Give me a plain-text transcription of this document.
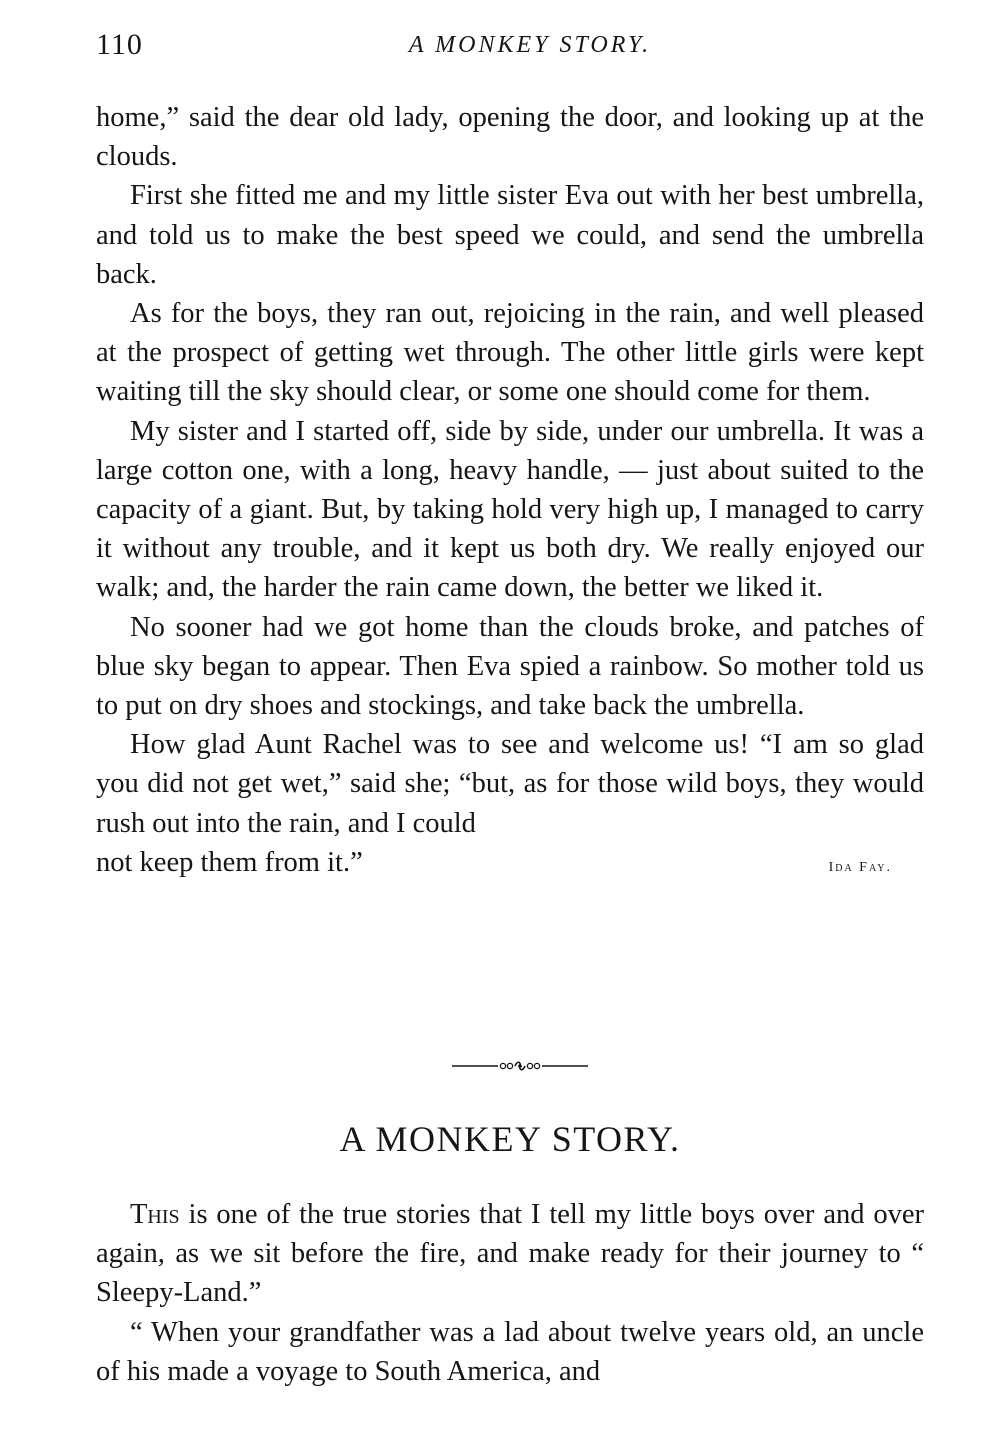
110	A MONKEY STORY.

home,” said the dear old lady, opening the door, and looking up at the clouds.

First she fitted me and my little sister Eva out with her best umbrella, and told us to make the best speed we could, and send the umbrella back.

As for the boys, they ran out, rejoicing in the rain, and well pleased at the prospect of getting wet through. The other little girls were kept waiting till the sky should clear, or some one should come for them.

My sister and I started off, side by side, under our umbrella. It was a large cotton one, with a long, heavy handle, — just about suited to the capacity of a giant. But, by taking hold very high up, I managed to carry it without any trouble, and it kept us both dry. We really enjoyed our walk; and, the harder the rain came down, the better we liked it.

No sooner had we got home than the clouds broke, and patches of blue sky began to appear. Then Eva spied a rainbow. So mother told us to put on dry shoes and stockings, and take back the umbrella.

How glad Aunt Rachel was to see and welcome us! “I am so glad you did not get wet,” said she; “but, as for those wild boys, they would rush out into the rain, and I could

not keep them from it.”	Ida Fay.

A MONKEY STORY.

This is one of the true stories that I tell my little boys over and over again, as we sit before the fire, and make ready for their journey to “ Sleepy-Land.”

“ When your grandfather was a lad about twelve years old, an uncle of his made a voyage to South America, and
